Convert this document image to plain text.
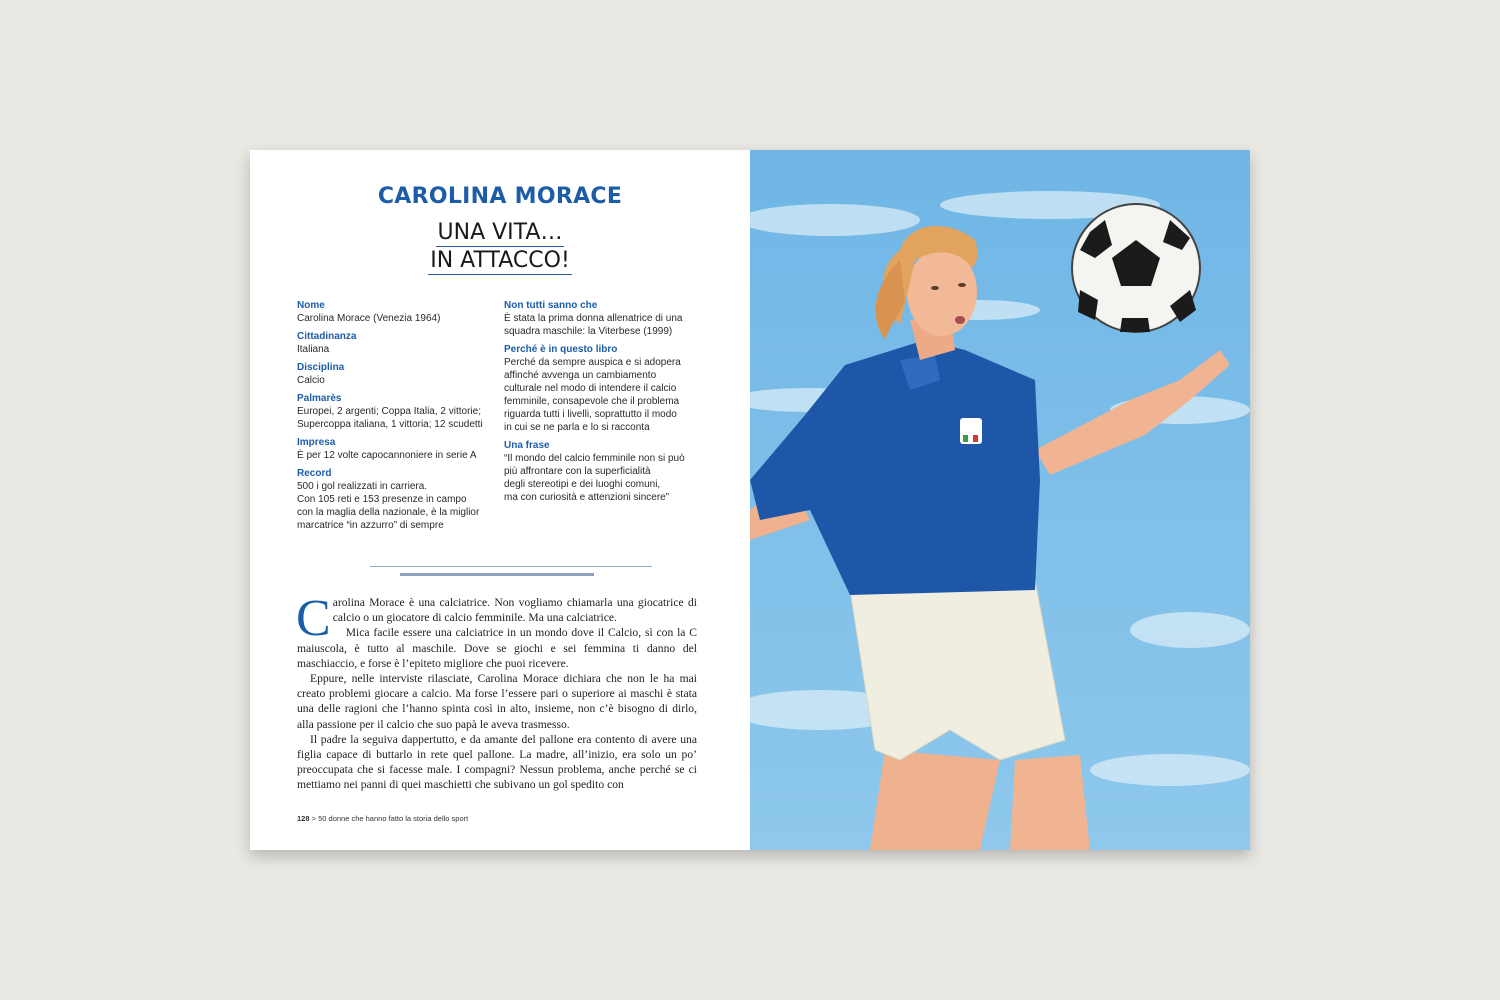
CAROLINA MORACE
UNA VITA…
IN ATTACCO!
Nome
Carolina Morace (Venezia 1964)
Cittadinanza
Italiana
Disciplina
Calcio
Palmarès
Europei, 2 argenti; Coppa Italia, 2 vittorie;
Supercoppa italiana, 1 vittoria; 12 scudetti
Impresa
È per 12 volte capocannoniere in serie A
Record
500 i gol realizzati in carriera.
Con 105 reti e 153 presenze in campo
con la maglia della nazionale, è la miglior
marcatrice “in azzurro” di sempre
Non tutti sanno che
È stata la prima donna allenatrice di una
squadra maschile: la Viterbese (1999)
Perché è in questo libro
Perché da sempre auspica e si adopera
affinché avvenga un cambiamento
culturale nel modo di intendere il calcio
femminile, consapevole che il problema
riguarda tutti i livelli, soprattutto il modo
in cui se ne parla e lo si racconta
Una frase
“Il mondo del calcio femminile non si può
più affrontare con la superficialità
degli stereotipi e dei luoghi comuni,
ma con curiosità e attenzioni sincere”

Carolina Morace è una calciatrice. Non vogliamo chiamarla una giocatrice di calcio o un giocatore di calcio femminile. Ma una calciatrice.

Mica facile essere una calciatrice in un mondo dove il Calcio, sì con la C maiuscola, è tutto al maschile. Dove se giochi e sei femmina ti danno del maschiaccio, e forse è l’epiteto migliore che puoi ricevere.

Eppure, nelle interviste rilasciate, Carolina Morace dichiara che non le ha mai creato problemi giocare a calcio. Ma forse l’essere pari o superiore ai maschi è stata una delle ragioni che l’hanno spinta così in alto, insieme, non c’è bisogno di dirlo, alla passione per il calcio che suo papà le aveva trasmesso.

Il padre la seguiva dappertutto, e da amante del pallone era contento di avere una figlia capace di buttarlo in rete quel pallone. La madre, all’inizio, era solo un po’ preoccupata che si facesse male. I compagni? Nessun problema, anche perché se ci mettiamo nei panni di quei maschietti che subivano un gol spedito con

128 > 50 donne che hanno fatto la storia dello sport
